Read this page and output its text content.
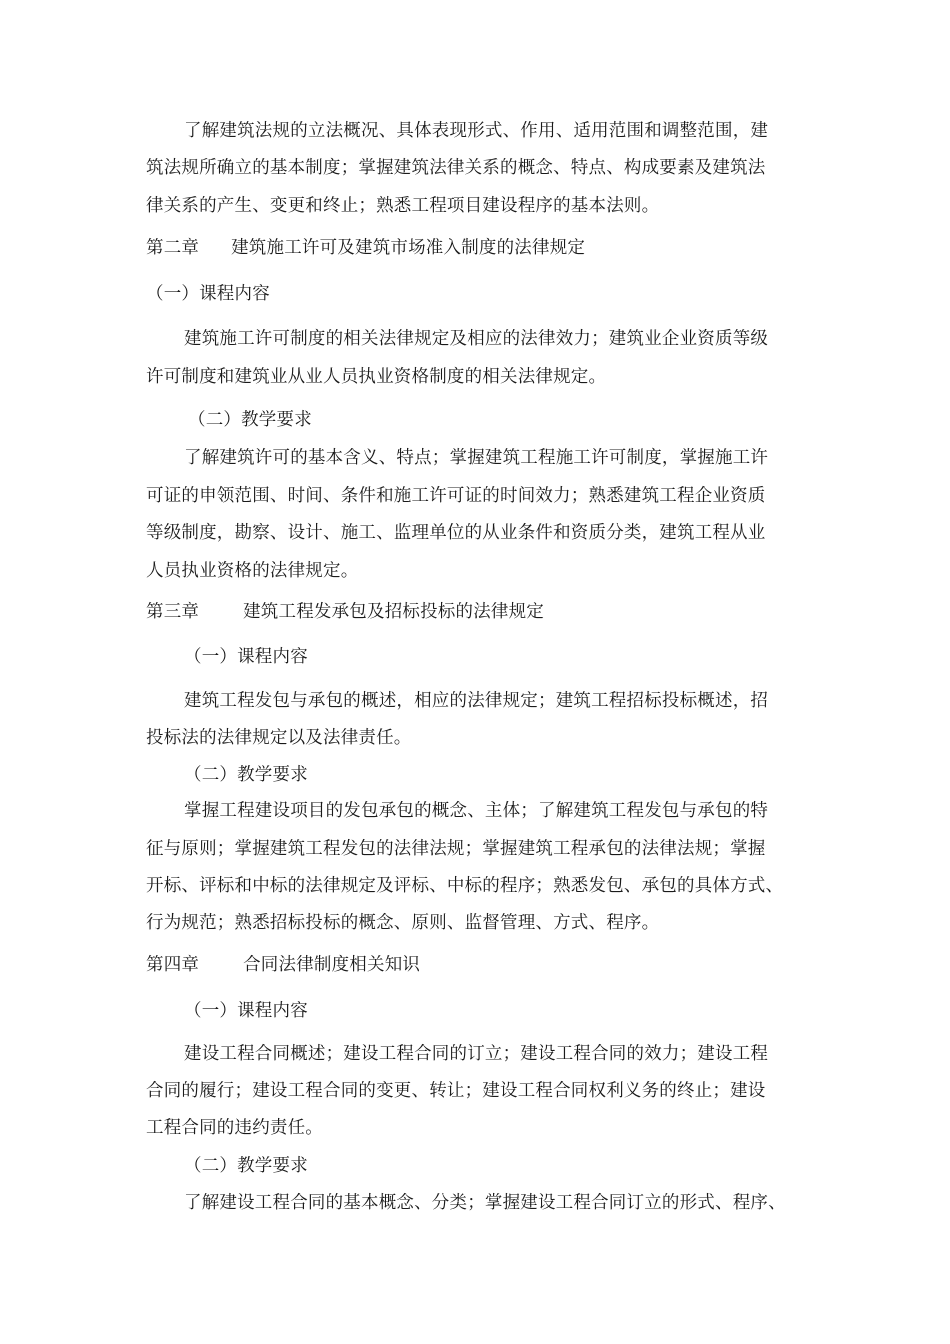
了解建筑法规的立法概况、具体表现形式、作用、适用范围和调整范围，建
筑法规所确立的基本制度；掌握建筑法律关系的概念、特点、构成要素及建筑法
律关系的产生、变更和终止；熟悉工程项目建设程序的基本法则。
第二章 建筑施工许可及建筑市场准入制度的法律规定
（一）课程内容
建筑施工许可制度的相关法律规定及相应的法律效力；建筑业企业资质等级
许可制度和建筑业从业人员执业资格制度的相关法律规定。
（二）教学要求
了解建筑许可的基本含义、特点；掌握建筑工程施工许可制度，掌握施工许
可证的申领范围、时间、条件和施工许可证的时间效力；熟悉建筑工程企业资质
等级制度，勘察、设计、施工、监理单位的从业条件和资质分类，建筑工程从业
人员执业资格的法律规定。
第三章	建筑工程发承包及招标投标的法律规定
（一）课程内容
建筑工程发包与承包的概述，相应的法律规定；建筑工程招标投标概述，招
投标法的法律规定以及法律责任。
（二）教学要求
掌握工程建设项目的发包承包的概念、主体；了解建筑工程发包与承包的特
征与原则；掌握建筑工程发包的法律法规；掌握建筑工程承包的法律法规；掌握
开标、评标和中标的法律规定及评标、中标的程序；熟悉发包、承包的具体方式、
行为规范；熟悉招标投标的概念、原则、监督管理、方式、程序。
第四章	合同法律制度相关知识
（一）课程内容
建设工程合同概述；建设工程合同的订立；建设工程合同的效力；建设工程
合同的履行；建设工程合同的变更、转让；建设工程合同权利义务的终止；建设
工程合同的违约责任。
（二）教学要求
了解建设工程合同的基本概念、分类；掌握建设工程合同订立的形式、程序、
